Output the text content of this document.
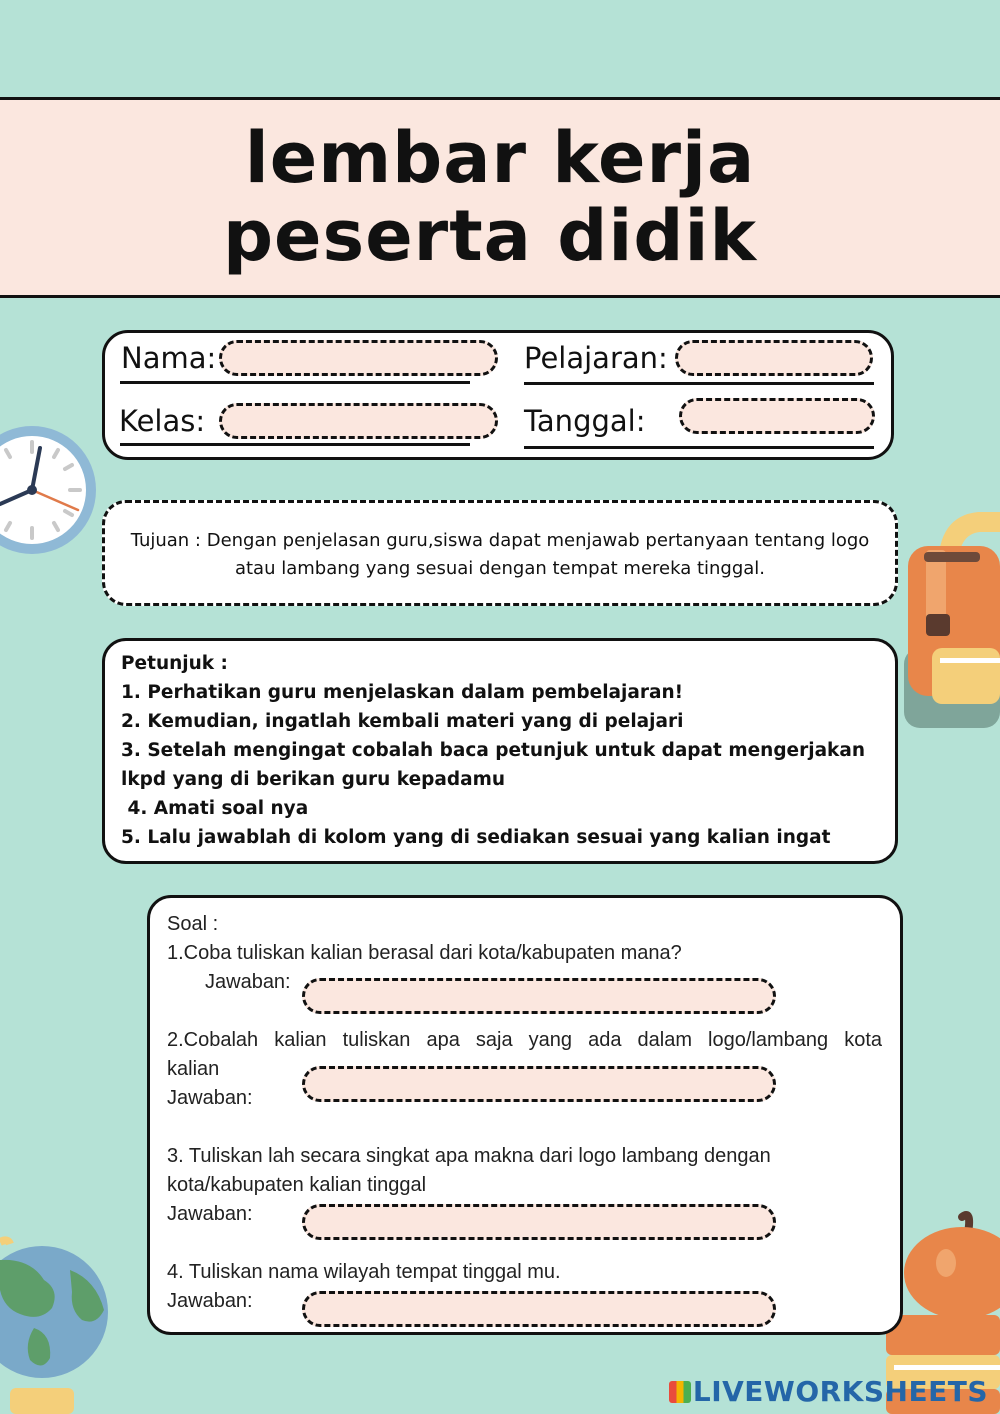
lembar kerja
peserta didik
Nama:	Pelajaran:
Kelas:	Tanggal:
Tujuan : Dengan penjelasan guru,siswa dapat menjawab pertanyaan tentang logo atau lambang yang sesuai dengan tempat mereka tinggal.
Petunjuk :
1. Perhatikan guru menjelaskan dalam pembelajaran!
2. Kemudian, ingatlah kembali materi yang di pelajari
3. Setelah mengingat cobalah baca petunjuk untuk dapat mengerjakan
lkpd yang di berikan guru kepadamu
4. Amati soal nya
5. Lalu jawablah di kolom yang di sediakan sesuai yang kalian ingat
Soal :
1.Coba tuliskan kalian berasal dari kota/kabupaten mana?
Jawaban:
2.Cobalah kalian tuliskan apa saja yang ada dalam logo/lambang kota
kalian
Jawaban:
3. Tuliskan lah secara singkat apa makna dari logo lambang dengan
kota/kabupaten kalian tinggal
Jawaban:
4. Tuliskan nama wilayah tempat tinggal mu.
Jawaban:
LIVEWORKSHEETS
